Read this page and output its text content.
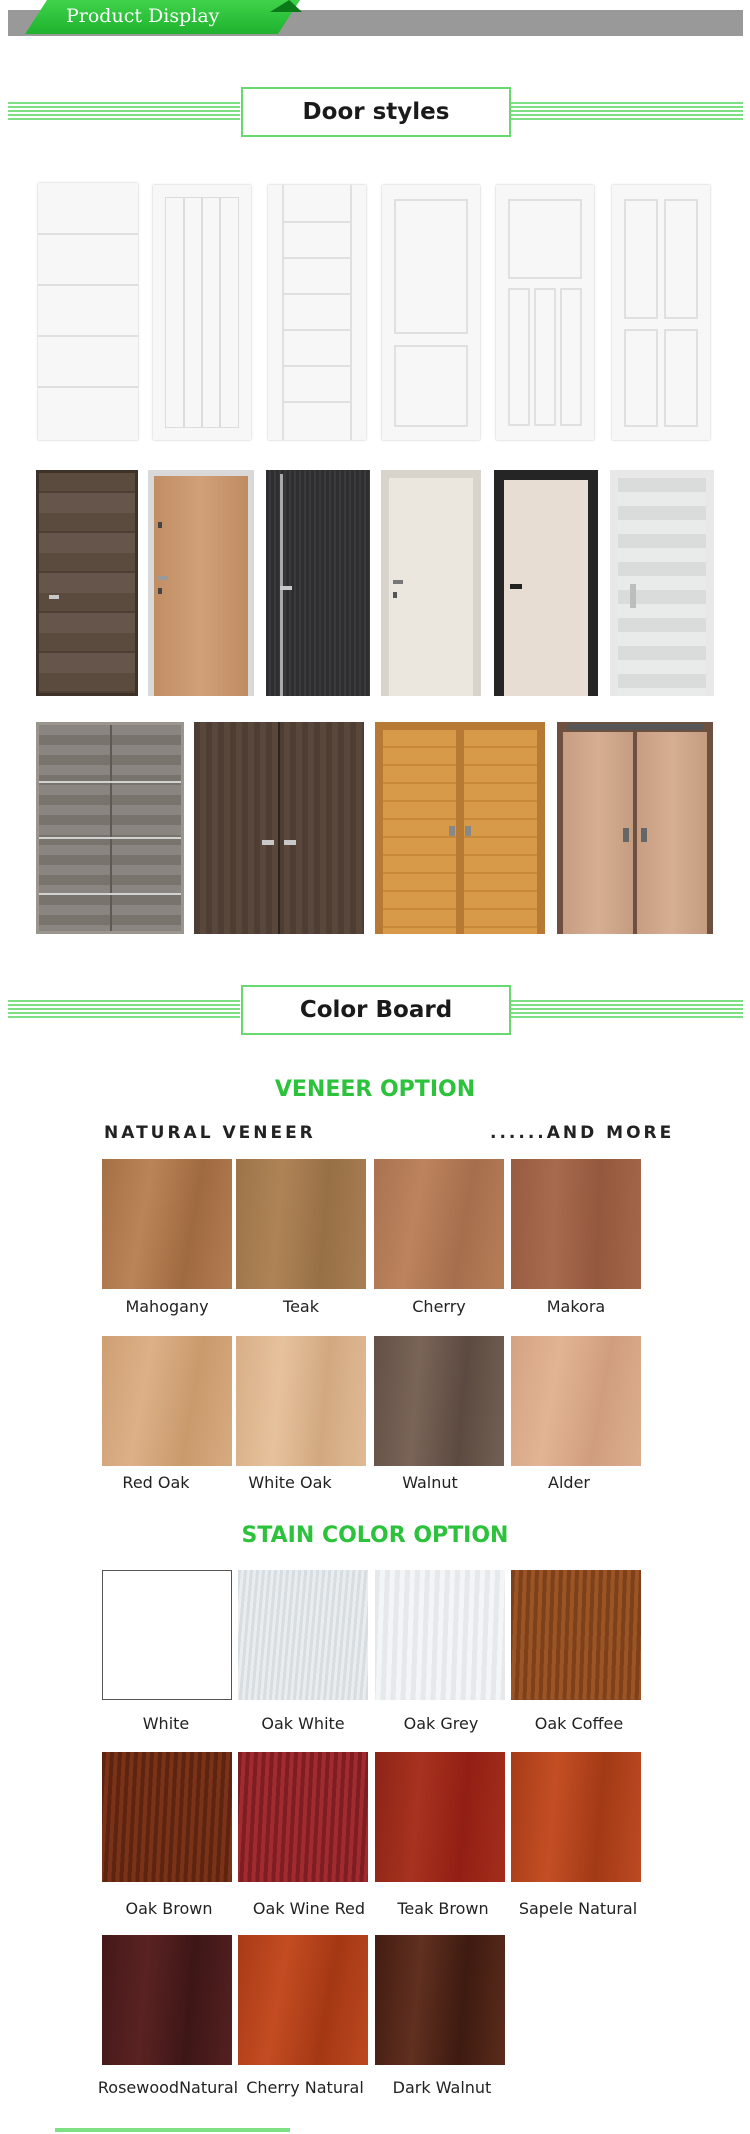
Product Display
Door styles
Color Board
VENEER OPTION
NATURAL VENEER	......AND MORE
Mahogany	Teak	Cherry	Makora
Red Oak	White Oak	Walnut	Alder
STAIN COLOR OPTION
White	Oak White	Oak Grey	Oak Coffee
Oak Brown	Oak Wine Red	Teak Brown	Sapele Natural
RosewoodNatural Cherry Natural	Dark Walnut
